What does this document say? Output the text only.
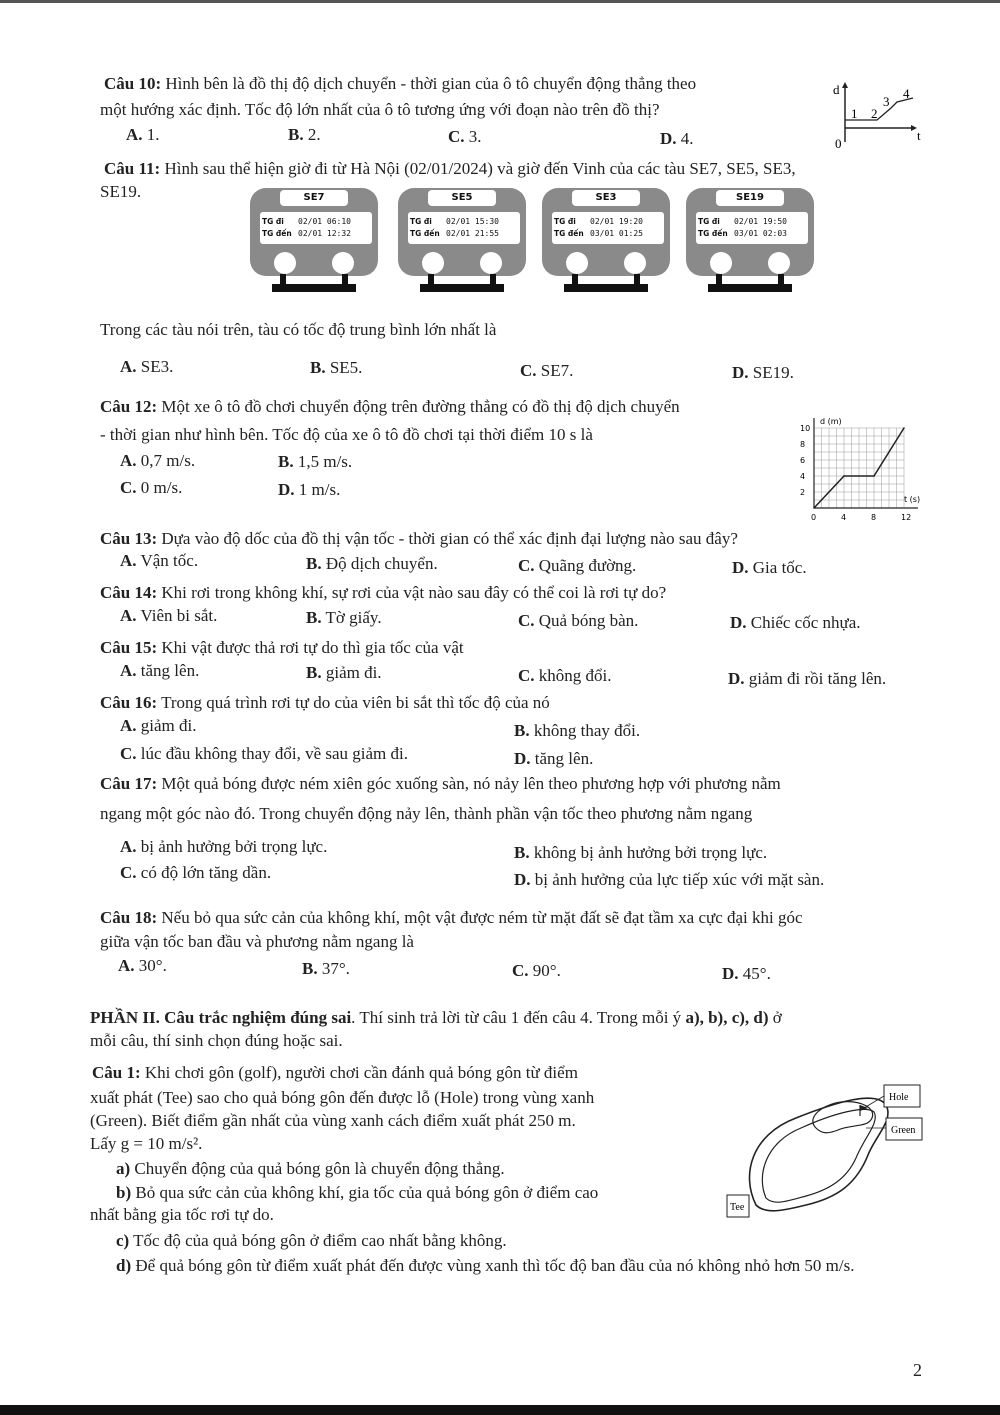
Câu 10: Hình bên là đồ thị độ dịch chuyển - thời gian của ô tô chuyển động thẳng theo
một hướng xác định. Tốc độ lớn nhất của ô tô tương ứng với đoạn nào trên đồ thị?
A. 1.	B. 2.	C. 3.	D. 4.
d
0
t
1 2
3
4
Câu 11: Hình sau thể hiện giờ đi từ Hà Nội (02/01/2024) và giờ đến Vinh của các tàu SE7, SE5, SE3,
SE19.	SE7
TG đi 02/01 06:10
TG đến 02/01 12:32
SE5
TG đi 02/01 15:30
TG đến 02/01 21:55
SE3
TG đi 02/01 19:20
TG đến 03/01 01:25
SE19
TG đi 02/01 19:50
TG đến 03/01 02:03
Trong các tàu nói trên, tàu có tốc độ trung bình lớn nhất là
A. SE3.	B. SE5.	C. SE7.	D. SE19.
Câu 12: Một xe ô tô đồ chơi chuyển động trên đường thẳng có đồ thị độ dịch chuyển
- thời gian như hình bên. Tốc độ của xe ô tô đồ chơi tại thời điểm 10 s là
A. 0,7 m/s.	B. 1,5 m/s.
C. 0 m/s.	D. 1 m/s.
0	4	8	12
2
4
6
8
10
d (m)
t (s)
Câu 13: Dựa vào độ dốc của đồ thị vận tốc - thời gian có thể xác định đại lượng nào sau đây?
A. Vận tốc.	B. Độ dịch chuyển.	C. Quãng đường.	D. Gia tốc.
Câu 14: Khi rơi trong không khí, sự rơi của vật nào sau đây có thể coi là rơi tự do?
A. Viên bi sắt.	B. Tờ giấy.	C. Quả bóng bàn.	D. Chiếc cốc nhựa.
Câu 15: Khi vật được thả rơi tự do thì gia tốc của vật
A. tăng lên.	B. giảm đi.	C. không đổi.	D. giảm đi rồi tăng lên.
Câu 16: Trong quá trình rơi tự do của viên bi sắt thì tốc độ của nó
A. giảm đi.	B. không thay đổi.
C. lúc đầu không thay đổi, về sau giảm đi.	D. tăng lên.
Câu 17: Một quả bóng được ném xiên góc xuống sàn, nó nảy lên theo phương hợp với phương nằm
ngang một góc nào đó. Trong chuyển động nảy lên, thành phần vận tốc theo phương nằm ngang
A. bị ảnh hưởng bởi trọng lực.	B. không bị ảnh hưởng bởi trọng lực.
C. có độ lớn tăng dần.	D. bị ảnh hưởng của lực tiếp xúc với mặt sàn.
Câu 18: Nếu bỏ qua sức cản của không khí, một vật được ném từ mặt đất sẽ đạt tầm xa cực đại khi góc
giữa vận tốc ban đầu và phương nằm ngang là
A. 30°.	B. 37°.	C. 90°.	D. 45°.
PHẦN II. Câu trắc nghiệm đúng sai. Thí sinh trả lời từ câu 1 đến câu 4. Trong mỗi ý a), b), c), d) ở
mỗi câu, thí sinh chọn đúng hoặc sai.
Câu 1: Khi chơi gôn (golf), người chơi cần đánh quả bóng gôn từ điểm
xuất phát (Tee) sao cho quả bóng gôn đến được lỗ (Hole) trong vùng xanh
(Green). Biết điểm gần nhất của vùng xanh cách điểm xuất phát 250 m.
Lấy g = 10 m/s².
a) Chuyển động của quả bóng gôn là chuyển động thẳng.
b) Bỏ qua sức cản của không khí, gia tốc của quả bóng gôn ở điểm cao
nhất bằng gia tốc rơi tự do.
c) Tốc độ của quả bóng gôn ở điểm cao nhất bằng không.
d) Để quả bóng gôn từ điểm xuất phát đến được vùng xanh thì tốc độ ban đầu của nó không nhỏ hơn 50 m/s.
Hole
Green
Tee
2
